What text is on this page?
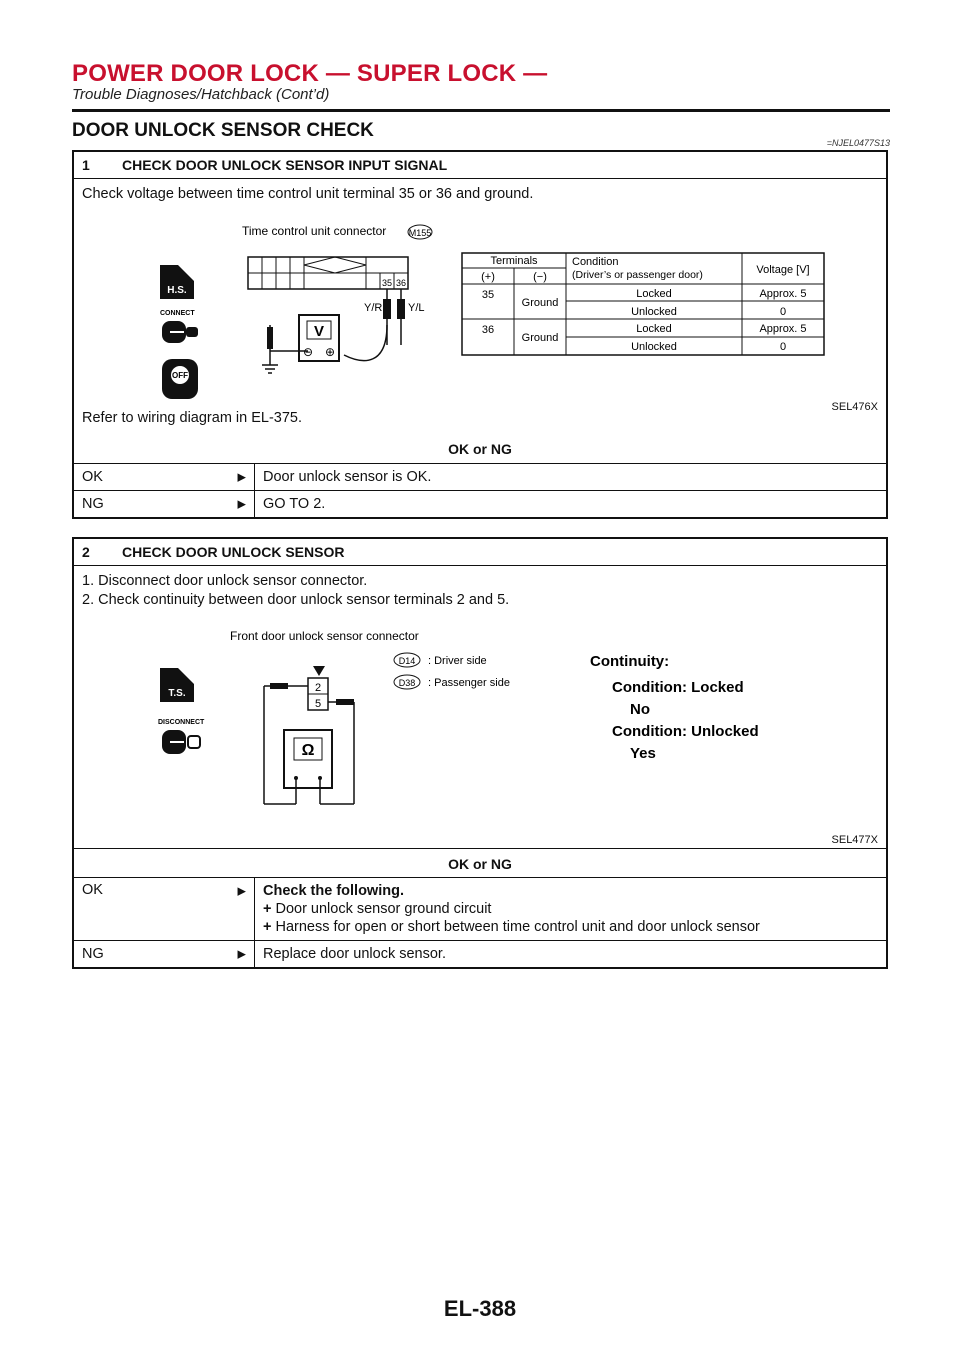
POWER DOOR LOCK — SUPER LOCK —
Trouble Diagnoses/Hatchback (Cont’d)
DOOR UNLOCK SENSOR CHECK
=NJEL0477S13
1	CHECK DOOR UNLOCK SENSOR INPUT SIGNAL
Check voltage between time control unit terminal 35 or 36 and ground.
H.S.
CONNECT
OFF
Time control unit connector M155
35 36
Y/R Y/L
V
⊖ ⊕
Terminals
(+)	(−)
Condition
(Driver’s or passenger door)	Voltage [V]
35
Ground
Locked	Approx. 5
Unlocked	0
36
Ground
Locked	Approx. 5
Unlocked	0
SEL476X
Refer to wiring diagram in EL-375.
OK or NG
OK	▶	Door unlock sensor is OK.
NG	▶	GO TO 2.
2	CHECK DOOR UNLOCK SENSOR
1. Disconnect door unlock sensor connector.
2. Check continuity between door unlock sensor terminals 2 and 5.
T.S.
DISCONNECT
Front door unlock sensor connector
D14 : Driver side
D38 : Passenger side
2
5
Ω
Continuity:
Condition: Locked
No
Condition: Unlocked
Yes
SEL477X
OK or NG
OK	▶ Check the following.
+ Door unlock sensor ground circuit
+ Harness for open or short between time control unit and door unlock sensor
NG	▶	Replace door unlock sensor.
EL-388
